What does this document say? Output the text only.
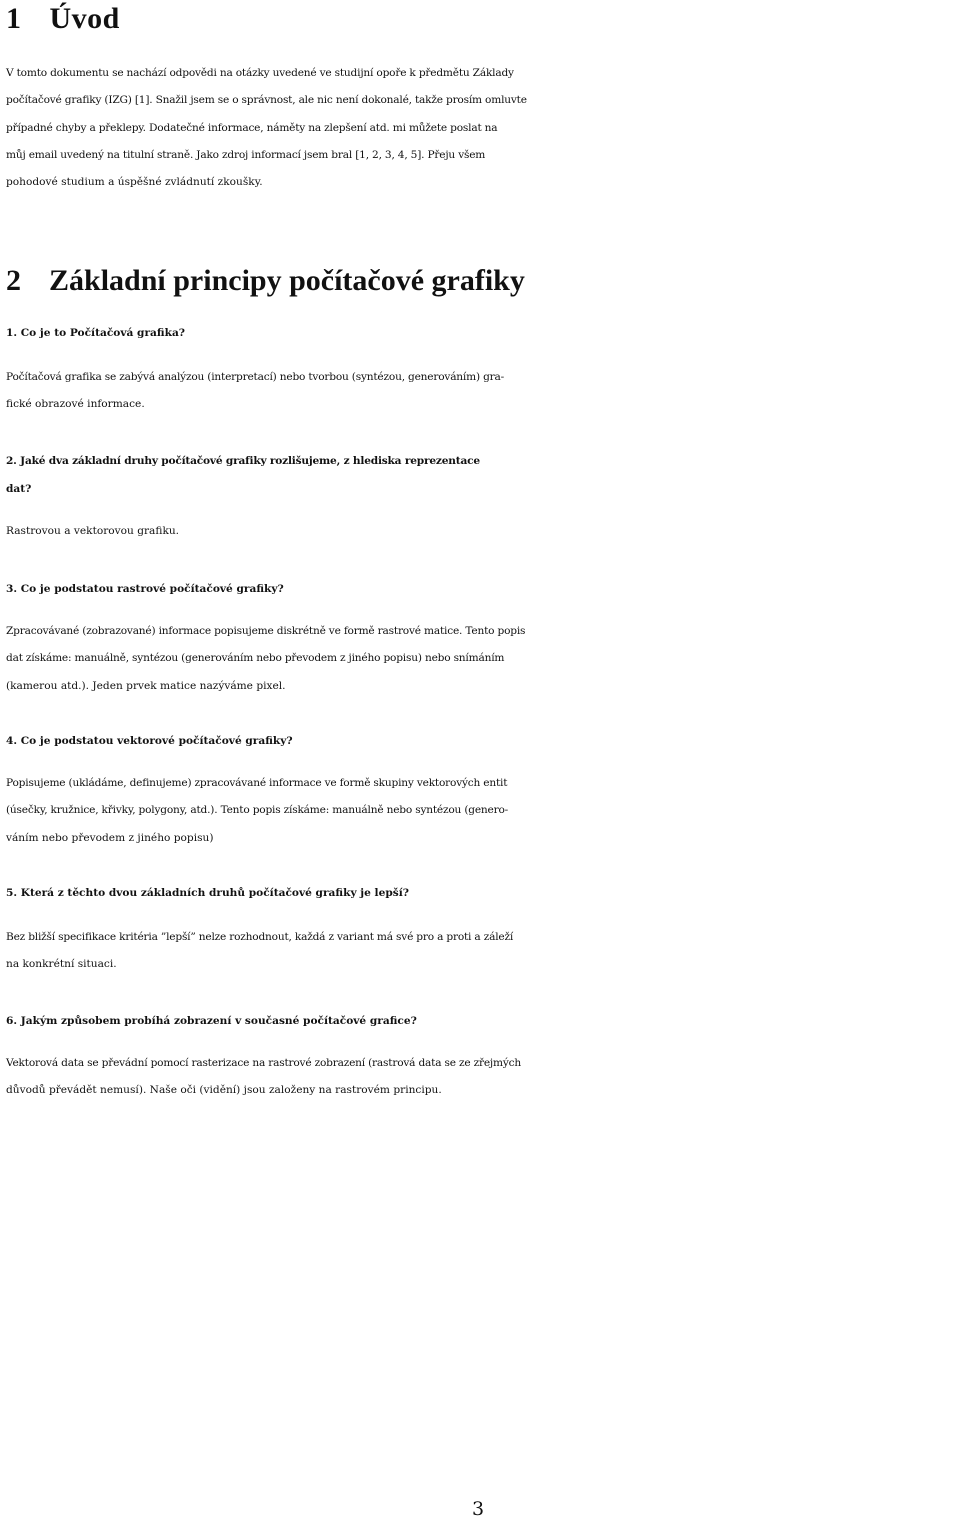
1 Úvod
V tomto dokumentu se nachází odpovědi na otázky uvedené ve studijní opoře k předmětu Základy
počítačové grafiky (IZG) [1]. Snažil jsem se o správnost, ale nic není dokonalé, takže prosím omluvte
případné chyby a překlepy. Dodatečné informace, náměty na zlepšení atd. mi můžete poslat na
můj email uvedený na titulní straně. Jako zdroj informací jsem bral [1, 2, 3, 4, 5]. Přeju všem
pohodové studium a úspěšné zvládnutí zkoušky.
2 Základní principy počítačové grafiky
1. Co je to Počítačová grafika?
Počítačová grafika se zabývá analýzou (interpretací) nebo tvorbou (syntézou, generováním) gra-
fické obrazové informace.
2. Jaké dva základní druhy počítačové grafiky rozlišujeme, z hlediska reprezentace
dat?
Rastrovou a vektorovou grafiku.
3. Co je podstatou rastrové počítačové grafiky?
Zpracovávané (zobrazované) informace popisujeme diskrétně ve formě rastrové matice. Tento popis
dat získáme: manuálně, syntézou (generováním nebo převodem z jiného popisu) nebo snímáním
(kamerou atd.). Jeden prvek matice nazýváme pixel.
4. Co je podstatou vektorové počítačové grafiky?
Popisujeme (ukládáme, definujeme) zpracovávané informace ve formě skupiny vektorových entit
(úsečky, kružnice, křivky, polygony, atd.). Tento popis získáme: manuálně nebo syntézou (genero-
váním nebo převodem z jiného popisu)
5. Která z těchto dvou základních druhů počítačové grafiky je lepší?
Bez bližší specifikace kritéria ”lepší” nelze rozhodnout, každá z variant má své pro a proti a záleží
na konkrétní situaci.
6. Jakým způsobem probíhá zobrazení v současné počítačové grafice?
Vektorová data se převádní pomocí rasterizace na rastrové zobrazení (rastrová data se ze zřejmých
důvodů převádět nemusí). Naše oči (vidění) jsou založeny na rastrovém principu.
3
